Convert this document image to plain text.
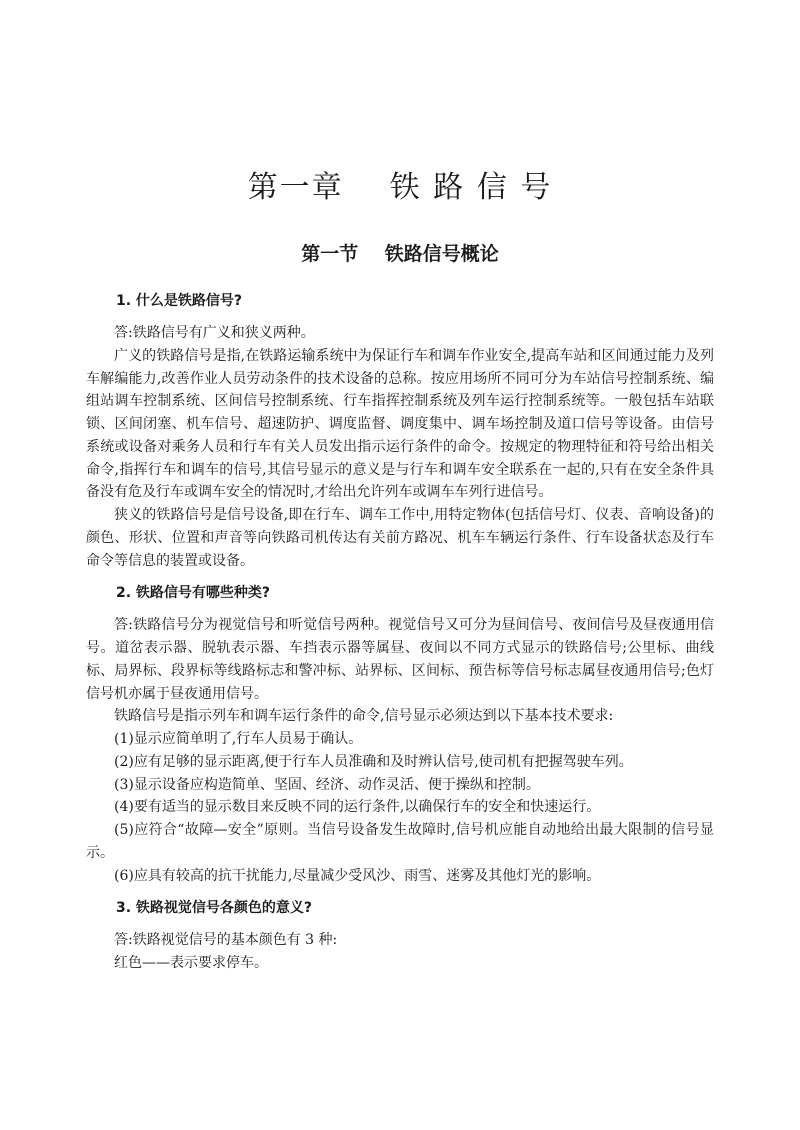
第一章    铁 路 信 号
第一节    铁路信号概论

1. 什么是铁路信号?

答:铁路信号有广义和狭义两种。

广义的铁路信号是指,在铁路运输系统中为保证行车和调车作业安全,提高车站和区间通过能力及列车解编能力,改善作业人员劳动条件的技术设备的总称。按应用场所不同可分为车站信号控制系统、编组站调车控制系统、区间信号控制系统、行车指挥控制系统及列车运行控制系统等。一般包括车站联锁、区间闭塞、机车信号、超速防护、调度监督、调度集中、调车场控制及道口信号等设备。由信号系统或设备对乘务人员和行车有关人员发出指示运行条件的命令。按规定的物理特征和符号给出相关命令,指挥行车和调车的信号,其信号显示的意义是与行车和调车安全联系在一起的,只有在安全条件具备没有危及行车或调车安全的情况时,才给出允许列车或调车车列行进信号。

狭义的铁路信号是信号设备,即在行车、调车工作中,用特定物体(包括信号灯、仪表、音响设备)的颜色、形状、位置和声音等向铁路司机传达有关前方路况、机车车辆运行条件、行车设备状态及行车命令等信息的装置或设备。

2. 铁路信号有哪些种类?

答:铁路信号分为视觉信号和听觉信号两种。视觉信号又可分为昼间信号、夜间信号及昼夜通用信号。道岔表示器、脱轨表示器、车挡表示器等属昼、夜间以不同方式显示的铁路信号;公里标、曲线标、局界标、段界标等线路标志和警冲标、站界标、区间标、预告标等信号标志属昼夜通用信号;色灯信号机亦属于昼夜通用信号。

铁路信号是指示列车和调车运行条件的命令,信号显示必须达到以下基本技术要求:

(1)显示应简单明了,行车人员易于确认。

(2)应有足够的显示距离,便于行车人员准确和及时辨认信号,使司机有把握驾驶车列。

(3)显示设备应构造简单、坚固、经济、动作灵活、便于操纵和控制。

(4)要有适当的显示数目来反映不同的运行条件,以确保行车的安全和快速运行。

(5)应符合“故障—安全”原则。当信号设备发生故障时,信号机应能自动地给出最大限制的信号显示。

(6)应具有较高的抗干扰能力,尽量减少受风沙、雨雪、迷雾及其他灯光的影响。

3. 铁路视觉信号各颜色的意义?

答:铁路视觉信号的基本颜色有 3 种:

红色——表示要求停车。
